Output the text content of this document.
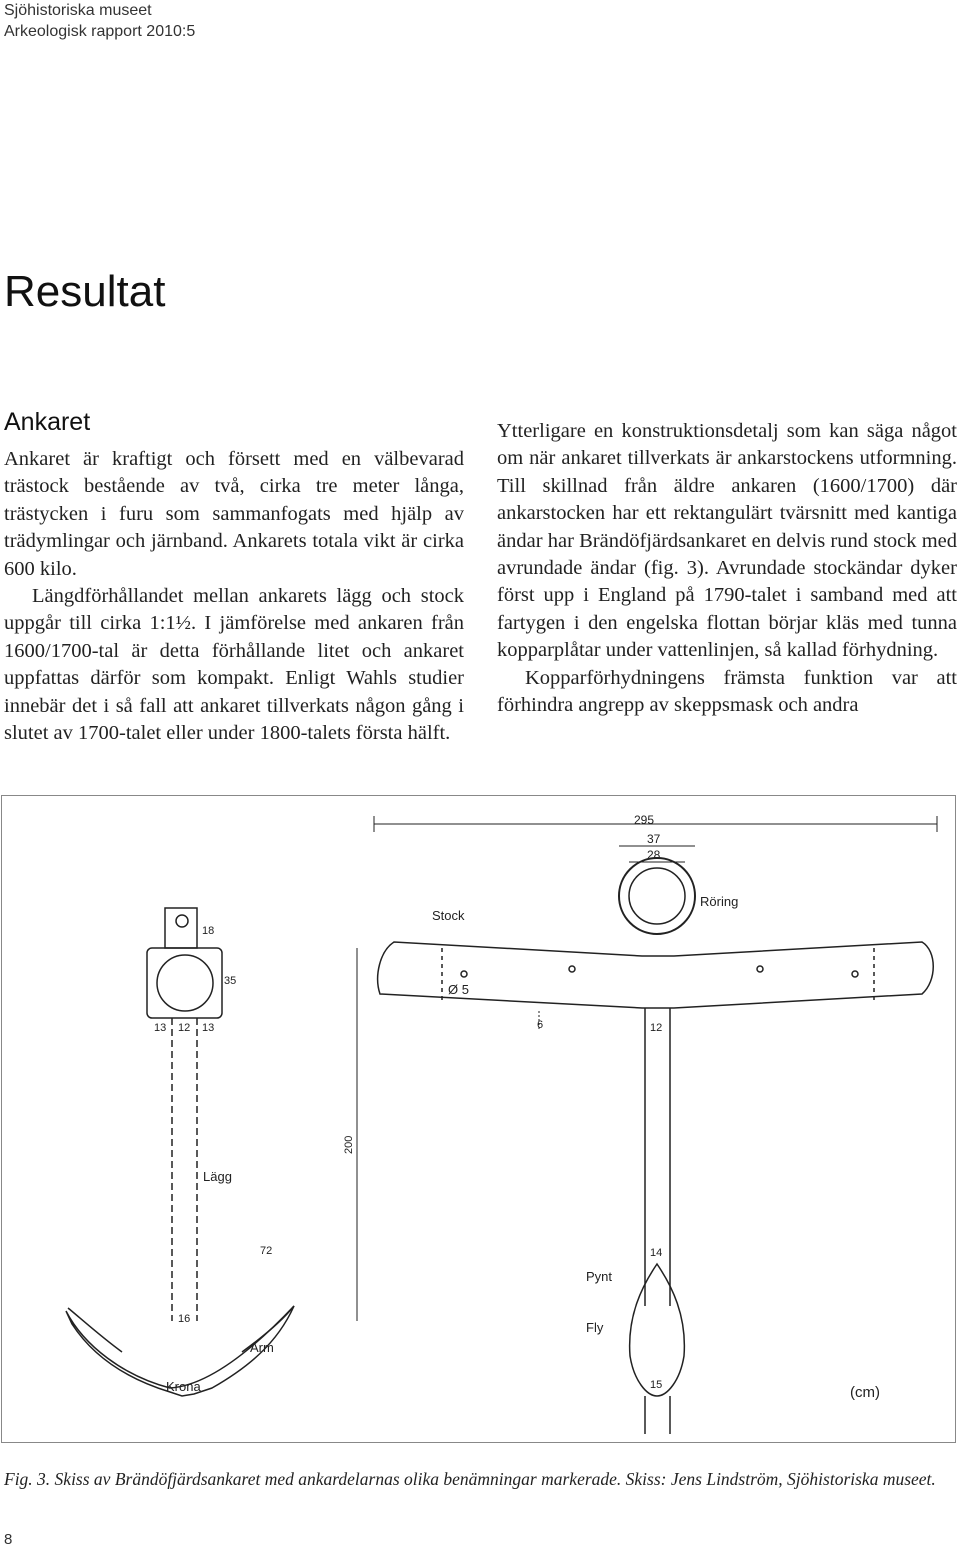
Sjöhistoriska museet
Arkeologisk rapport 2010:5
Resultat
Ankaret

Ankaret är kraftigt och försett med en välbevarad trästock bestående av två, cirka tre meter långa, trästycken i furu som sammanfogats med hjälp av trädymlingar och järnband. Ankarets totala vikt är cirka 600 kilo.

Längdförhållandet mellan ankarets lägg och stock uppgår till cirka 1:1½. I jämförelse med ankaren från 1600/1700-tal är detta förhållande litet och ankaret uppfattas därför som kompakt. Enligt Wahls studier innebär det i så fall att ankaret tillverkats någon gång i slutet av 1700-talet eller under 1800-talets första hälft.

Ytterligare en konstruktionsdetalj som kan säga något om när ankaret tillverkats är ankarstockens utformning. Till skillnad från äldre ankaren (1600/1700) där ankarstocken har ett rektangulärt tvärsnitt med kantiga ändar har Brändöfjärdsankaret en delvis rund stock med avrundade ändar (fig. 3). Avrundade stockändar dyker först upp i England på 1790-talet i samband med att fartygen i den engelska flottan börjar kläs med tunna kopparplåtar under vattenlinjen, så kallad förhydning.

Kopparförhydningens främsta funktion var att förhindra angrepp av skeppsmask och andra

295
37
28
18
35
13 12 13
Ø 5
6	12
200
72
16
14
15
Stock
Röring
Lägg
Arm
Krona
Pynt
Fly
(cm)

Fig. 3. Skiss av Brändöfjärdsankaret med ankardelarnas olika benämningar markerade. Skiss: Jens Lindström, Sjöhistoriska museet.

8
